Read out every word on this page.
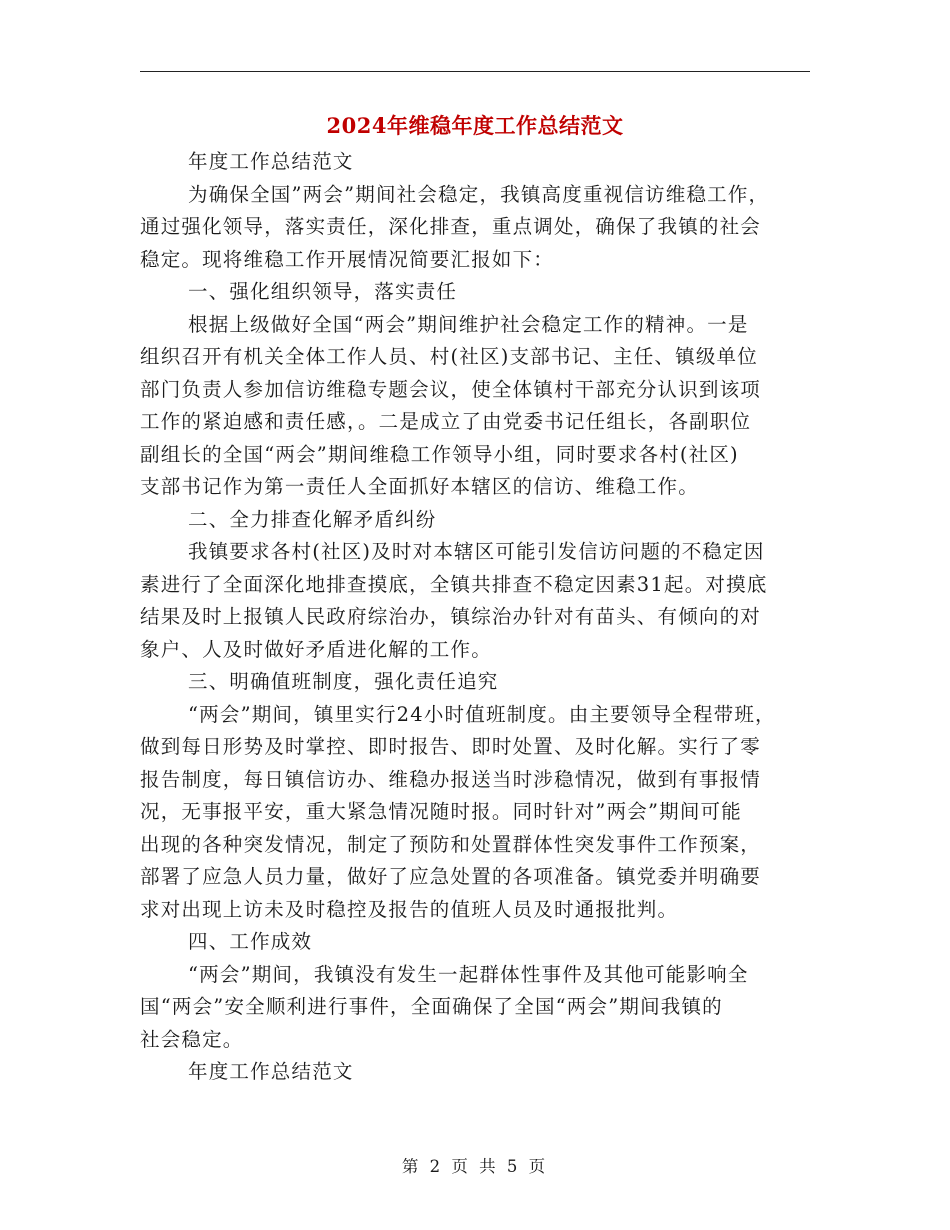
2024年维稳年度工作总结范文
年度工作总结范文
为确保全国”两会”期间社会稳定，我镇高度重视信访维稳工作，
通过强化领导，落实责任，深化排查，重点调处，确保了我镇的社会
稳定。现将维稳工作开展情况简要汇报如下：
一、强化组织领导，落实责任
根据上级做好全国“两会”期间维护社会稳定工作的精神。一是
组织召开有机关全体工作人员、村(社区)支部书记、主任、镇级单位
部门负责人参加信访维稳专题会议，使全体镇村干部充分认识到该项
工作的紧迫感和责任感，。二是成立了由党委书记任组长，各副职位
副组长的全国“两会”期间维稳工作领导小组，同时要求各村(社区)
支部书记作为第一责任人全面抓好本辖区的信访、维稳工作。
二、全力排查化解矛盾纠纷
我镇要求各村(社区)及时对本辖区可能引发信访问题的不稳定因
素进行了全面深化地排查摸底，全镇共排查不稳定因素31起。对摸底
结果及时上报镇人民政府综治办，镇综治办针对有苗头、有倾向的对
象户、人及时做好矛盾进化解的工作。
三、明确值班制度，强化责任追究
“两会”期间，镇里实行24小时值班制度。由主要领导全程带班，
做到每日形势及时掌控、即时报告、即时处置、及时化解。实行了零
报告制度，每日镇信访办、维稳办报送当时涉稳情况，做到有事报情
况，无事报平安，重大紧急情况随时报。同时针对”两会”期间可能
出现的各种突发情况，制定了预防和处置群体性突发事件工作预案，
部署了应急人员力量，做好了应急处置的各项准备。镇党委并明确要
求对出现上访未及时稳控及报告的值班人员及时通报批判。
四、工作成效
“两会”期间，我镇没有发生一起群体性事件及其他可能影响全
国“两会”安全顺利进行事件，全面确保了全国“两会”期间我镇的
社会稳定。
年度工作总结范文
第 2 页 共 5 页
